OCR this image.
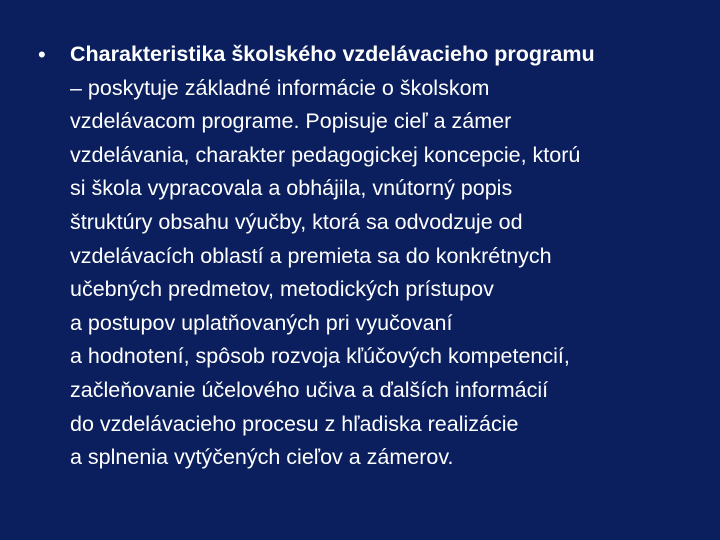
• Charakteristika školského vzdelávacieho programu
– poskytuje základné informácie o školskom
vzdelávacom programe. Popisuje cieľ a zámer
vzdelávania, charakter pedagogickej koncepcie, ktorú
si škola vypracovala a obhájila, vnútorný popis
štruktúry obsahu výučby, ktorá sa odvodzuje od
vzdelávacích oblastí a premieta sa do konkrétnych
učebných predmetov, metodických prístupov
a postupov uplatňovaných pri vyučovaní
a hodnotení, spôsob rozvoja kľúčových kompetencií,
začleňovanie účelového učiva a ďalších informácií
do vzdelávacieho procesu z hľadiska realizácie
a splnenia vytýčených cieľov a zámerov.
